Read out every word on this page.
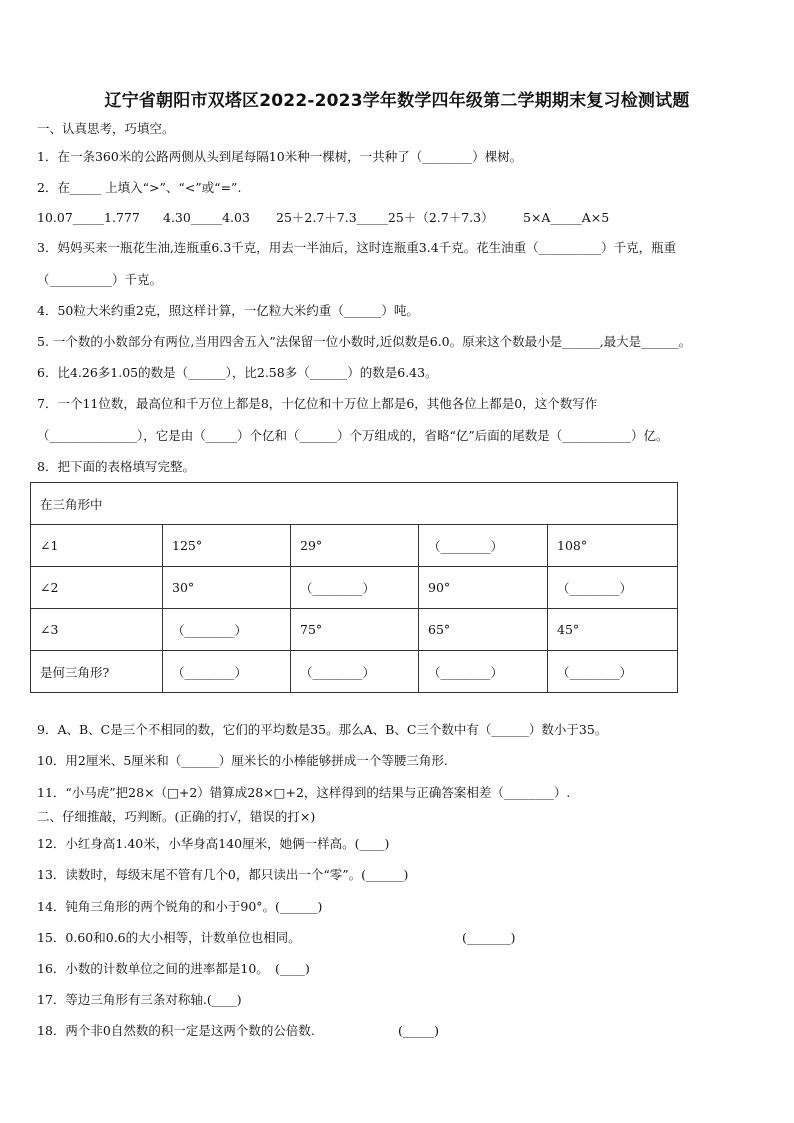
辽宁省朝阳市双塔区2022-2023学年数学四年级第二学期期末复习检测试题
一、认真思考，巧填空。
1．在一条360米的公路两侧从头到尾每隔10米种一棵树，一共种了（________）棵树。
2．在_____ 上填入“>”、“<”或“=”.
10.07_____1.777 4.30_____4.03 25＋2.7＋7.3_____25＋（2.7＋7.3） 5×A_____A×5
3．妈妈买来一瓶花生油,连瓶重6.3千克，用去一半油后，这时连瓶重3.4千克。花生油重（__________）千克，瓶重
（__________）千克。
4．50粒大米约重2克，照这样计算，一亿粒大米约重（______）吨。
5. 一个数的小数部分有两位,当用四舍五入”法保留一位小数时,近似数是6.0。原来这个数最小是______,最大是______。
6．比4.26多1.05的数是（______），比2.58多（______）的数是6.43。
7．一个11位数，最高位和千万位上都是8，十亿位和十万位上都是6，其他各位上都是0，这个数写作
（______________），它是由（_____）个亿和（______）个万组成的，省略“亿”后面的尾数是（___________）亿。
8．把下面的表格填写完整。
在三角形中				
∠1	125°	29°	（________）	108°
∠2	30°	（________）	90°	（________）
∠3	（________）	75°	65°	45°
是何三角形?	（________）	（________）	（________）	（________）
9．A、B、C是三个不相同的数，它们的平均数是35。那么A、B、C三个数中有（______）数小于35。
10．用2厘米、5厘米和（______）厘米长的小棒能够拼成一个等腰三角形.
11．“小马虎”把28×（□+2）错算成28×□+2，这样得到的结果与正确答案相差（________）.
二、仔细推敲，巧判断。(正确的打√，错误的打×)
12．小红身高1.40米，小华身高140厘米，她俩一样高。(____)
13．读数时，每级末尾不管有几个0，都只读出一个“零”。(______)
14．钝角三角形的两个锐角的和小于90°。(______)
15．0.60和0.6的大小相等，计数单位也相同。	(_______)
16．小数的计数单位之间的进率都是10。　(____)
17．等边三角形有三条对称轴.(____)
18．两个非0自然数的积一定是这两个数的公倍数.	(_____)
